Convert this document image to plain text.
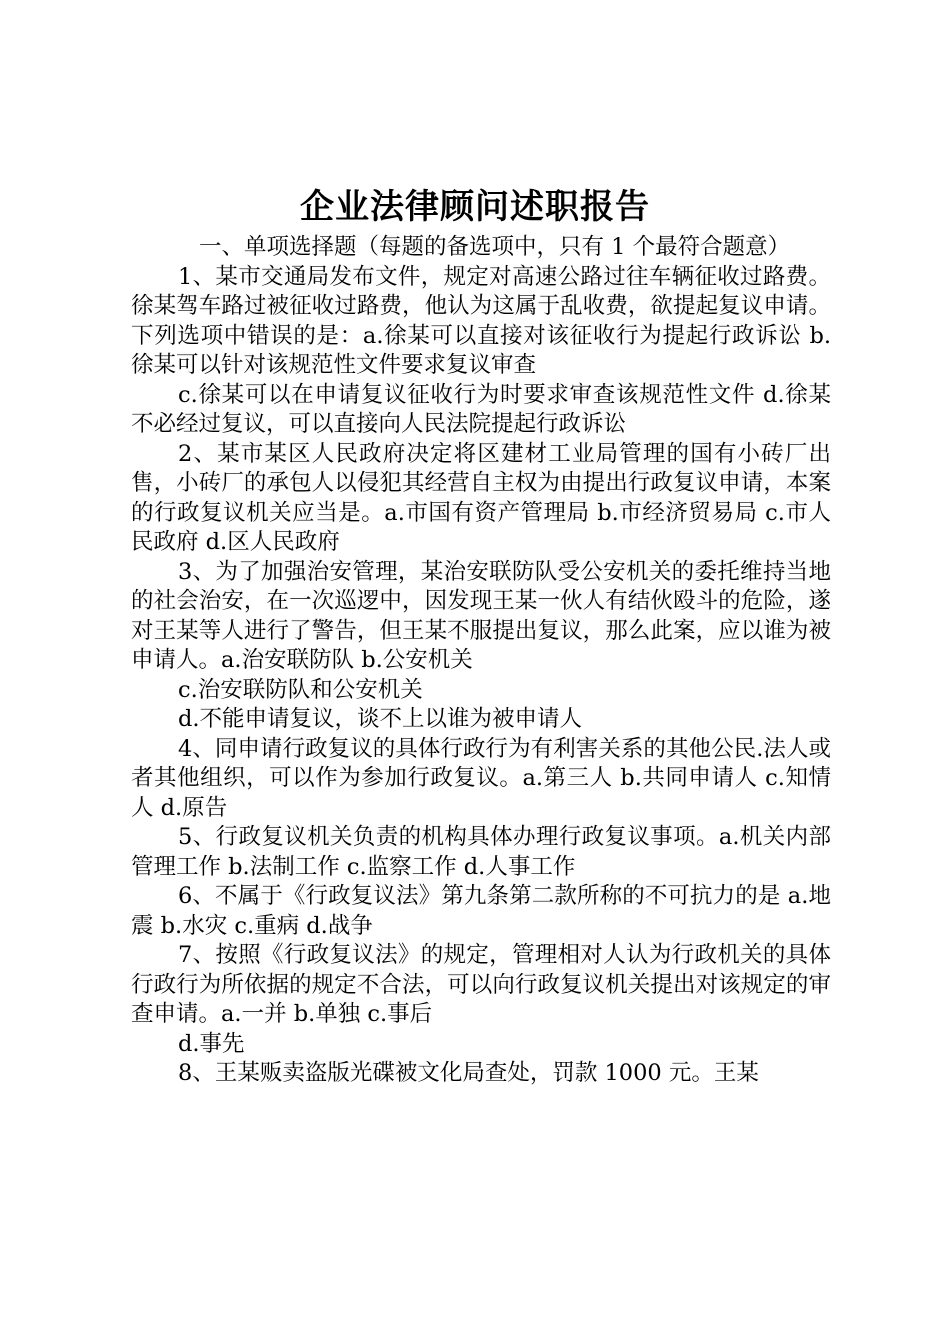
企业法律顾问述职报告

一、单项选择题（每题的备选项中，只有 1 个最符合题意）

1、某市交通局发布文件，规定对高速公路过往车辆征收过路费。徐某驾车路过被征收过路费，他认为这属于乱收费，欲提起复议申请。下列选项中错误的是：a.徐某可以直接对该征收行为提起行政诉讼 b.徐某可以针对该规范性文件要求复议审查

c.徐某可以在申请复议征收行为时要求审查该规范性文件 d.徐某不必经过复议，可以直接向人民法院提起行政诉讼

2、某市某区人民政府决定将区建材工业局管理的国有小砖厂出售，小砖厂的承包人以侵犯其经营自主权为由提出行政复议申请，本案的行政复议机关应当是。a.市国有资产管理局 b.市经济贸易局 c.市人民政府 d.区人民政府

3、为了加强治安管理，某治安联防队受公安机关的委托维持当地的社会治安，在一次巡逻中，因发现王某一伙人有结伙殴斗的危险，遂对王某等人进行了警告，但王某不服提出复议，那么此案，应以谁为被申请人。a.治安联防队 b.公安机关

c.治安联防队和公安机关

d.不能申请复议，谈不上以谁为被申请人

4、同申请行政复议的具体行政行为有利害关系的其他公民.法人或者其他组织，可以作为参加行政复议。a.第三人 b.共同申请人 c.知情人 d.原告

5、行政复议机关负责的机构具体办理行政复议事项。a.机关内部管理工作 b.法制工作 c.监察工作 d.人事工作

6、不属于《行政复议法》第九条第二款所称的不可抗力的是 a.地震 b.水灾 c.重病 d.战争

7、按照《行政复议法》的规定，管理相对人认为行政机关的具体行政行为所依据的规定不合法，可以向行政复议机关提出对该规定的审查申请。a.一并 b.单独 c.事后

d.事先

8、王某贩卖盗版光碟被文化局查处，罚款 1000 元。王某
